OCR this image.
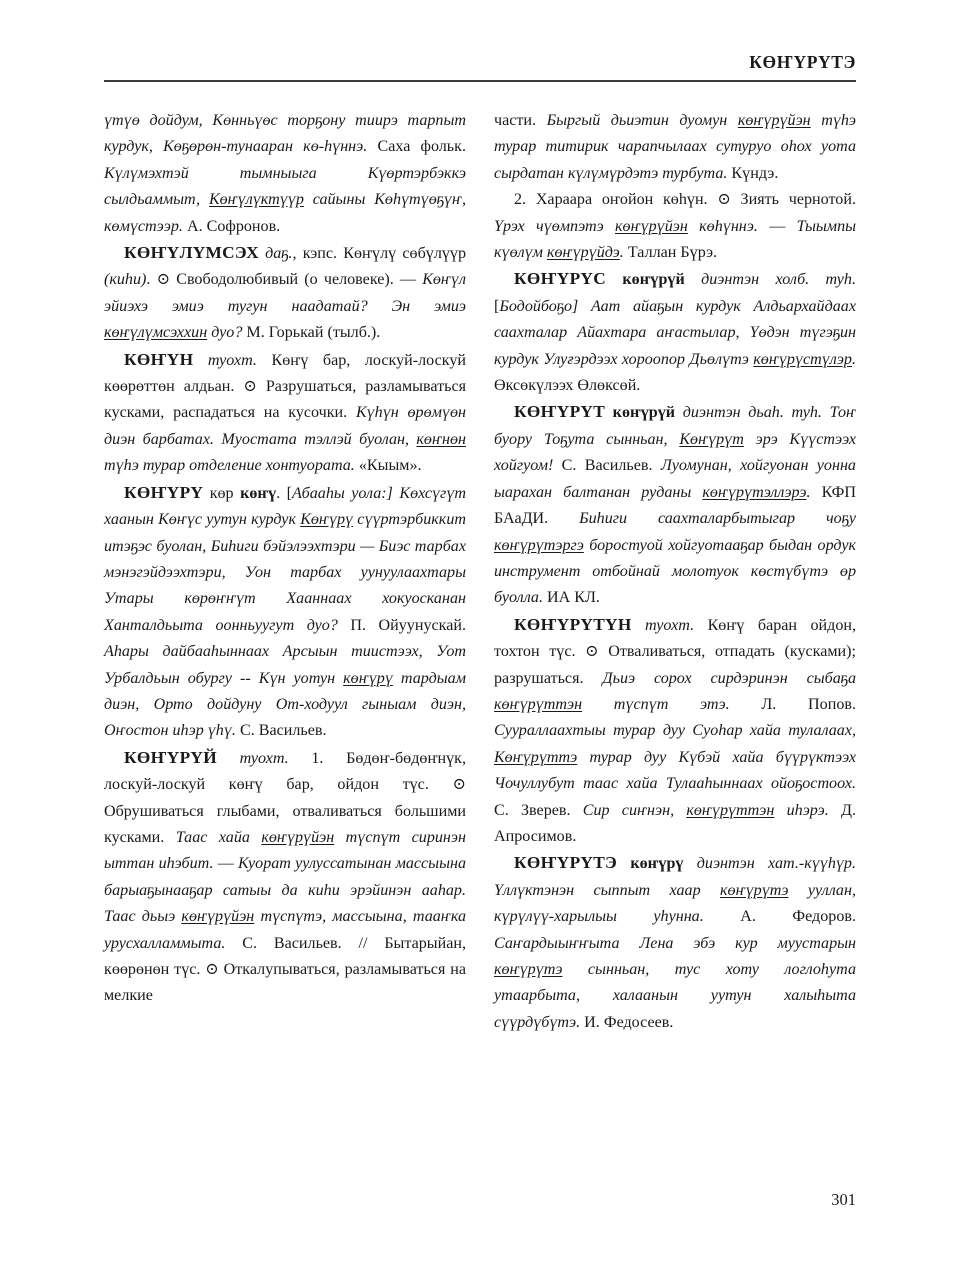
КӨҤҮРҮТЭ

үтүө дойдум, Көнньүөс торҕону тиирэ тарпыт курдук, Көҕөрөн-тунааран кө-һүннэ. Саха фольк. Күлүмэхтэй тымныыга Күөртэрбэккэ сылдьаммыт, Көҥүлүктүүр сайыны Көһүтүөҕүҥ, көмүстээр. А. Софронов.

КӨҤҮЛҮМСЭХ даҕ., кэпс. Көҥүлү сөбүлүүр (киһи). ⊙ Свободолюбивый (о человеке). — Көҥүл эйиэхэ эмиэ тугун наадатай? Эн эмиэ көҥүлүмсэххин дуо? М. Горькай (тылб.).

КӨҤҮН туохт. Көҥү бар, лоскуй-лоскуй көөрөттөн алдьан. ⊙ Разрушаться, разламываться кусками, распадаться на кусочки. Күһүн өрөмүөн диэн барбатах. Муостата тэллэй буолан, көҥнөн түһэ турар отделение хонтуората. «Кыым».

КӨҤҮРҮ көр көҥү. [Абааһы уола:] Көхсүгүт хаанын Көҥүс уутун курдук Көҥүрү сүүртэрбиккит итэҕэс буолан, Биһиги бэйэлээхтэри — Биэс тарбах мэнэгэйдээхтэри, Уон тарбах уунуулаахтары Утары көрөҥҥүт Хааннаах хокуосканан Ханталдьыта оонньуугут дуо? П. Ойуунускай. Аһары дайбааһыннаах Арсыын тиистээх, Уот Урбалдьын обургу -- Күн уотун көҥүрү тардыам диэн, Орто дойдуну От-ходуул гыныам диэн, Оҥостон иһэр үһү. С. Васильев.

КӨҤҮРҮЙ туохт. 1. Бөдөҥ-бөдөҥнүк, лоскуй-лоскуй көҥү бар, ойдон түс. ⊙ Обрушиваться глыбами, отваливаться большими кусками. Таас хайа көҥүрүйэн түспүт сиринэн ыттан иһэбит. — Куорат уулуссатынан массыына барыаҕынааҕар сатыы да киһи эрэйинэн ааһар. Таас дьыэ көҥүрүйэн түспүтэ, массыына, тааҥка урусхалламмыта. С. Васильев. // Бытарыйан, көөрөнөн түс. ⊙ Откалупываться, разламываться на мелкие

части. Быргый дьиэтин дуомун көҥүрүйэн түһэ турар титирик чарапчылаах сутуруо оһох уота сырдатан күлүмүрдэтэ турбута. Күндэ.

2. Хараара оҥойон көһүн. ⊙ Зиять чернотой. Үрэх чүөмпэтэ көҥүрүйэн көһүннэ. — Тыымпы күөлүм көҥүрүйдэ. Таллан Бүрэ.

КӨҤҮРҮС көҥүрүй диэнтэн холб. туһ. [Бодойбоҕо] Аат айаҕын курдук Алдьархайдаах саахталар Айахтара аҥастылар, Үөдэн түгэҕин курдук Улуғэрдээх хороопор Дьөлүтэ көҥүрүстүлэр. Өксөкүлээх Өлөксөй.

КӨҤҮРҮТ көҥүрүй диэнтэн дьаһ. туһ. Тоҥ буору Тоҕута сынньан, Көҥүрүт эрэ Күүстээх хойгуом! С. Васильев. Луомунан, хойгуонан уонна ыарахан балтанан руданы көҥүрүтэллэрэ. КФП БАаДИ. Биһиги саахталарбытыгар чоҕу көҥүрүтэргэ боростуой хойгуотааҕар быдан ордук инструмент отбойнай молотуок көстүбүтэ өр буолла. ИА КЛ.

КӨҤҮРҮТҮН туохт. Көҥү баран ойдон, тохтон түс. ⊙ Отваливаться, отпадать (кусками); разрушаться. Дьиэ сорох сирдэринэн сыбаҕа көҥүрүттэн түспүт этэ. Л. Попов. Суураллаахтыы турар дуу Суоһар хайа тулалаах, Көҥүрүттэ турар дуу Күбэй хайа бүүрүктээх Чочуллубут таас хайа Тулааһыннаах ойоҕостоох. С. Зверев. Сир сиҥнэн, көҥүрүттэн иһэрэ. Д. Апросимов.

КӨҤҮРҮТЭ көҥүрү диэнтэн хат.-күүһүр. Үллүктэнэн сыппыт хаар көҥүрүтэ ууллан, күрүлүү-харылыы уһунна. А. Федоров. Саҥардыыҥҥыта Лена эбэ кур муустарын көҥүрүтэ сынньан, тус хоту логлоһута утаарбыта, халаанын уутун халыһыта сүүрдүбүтэ. И. Федосеев.

301
